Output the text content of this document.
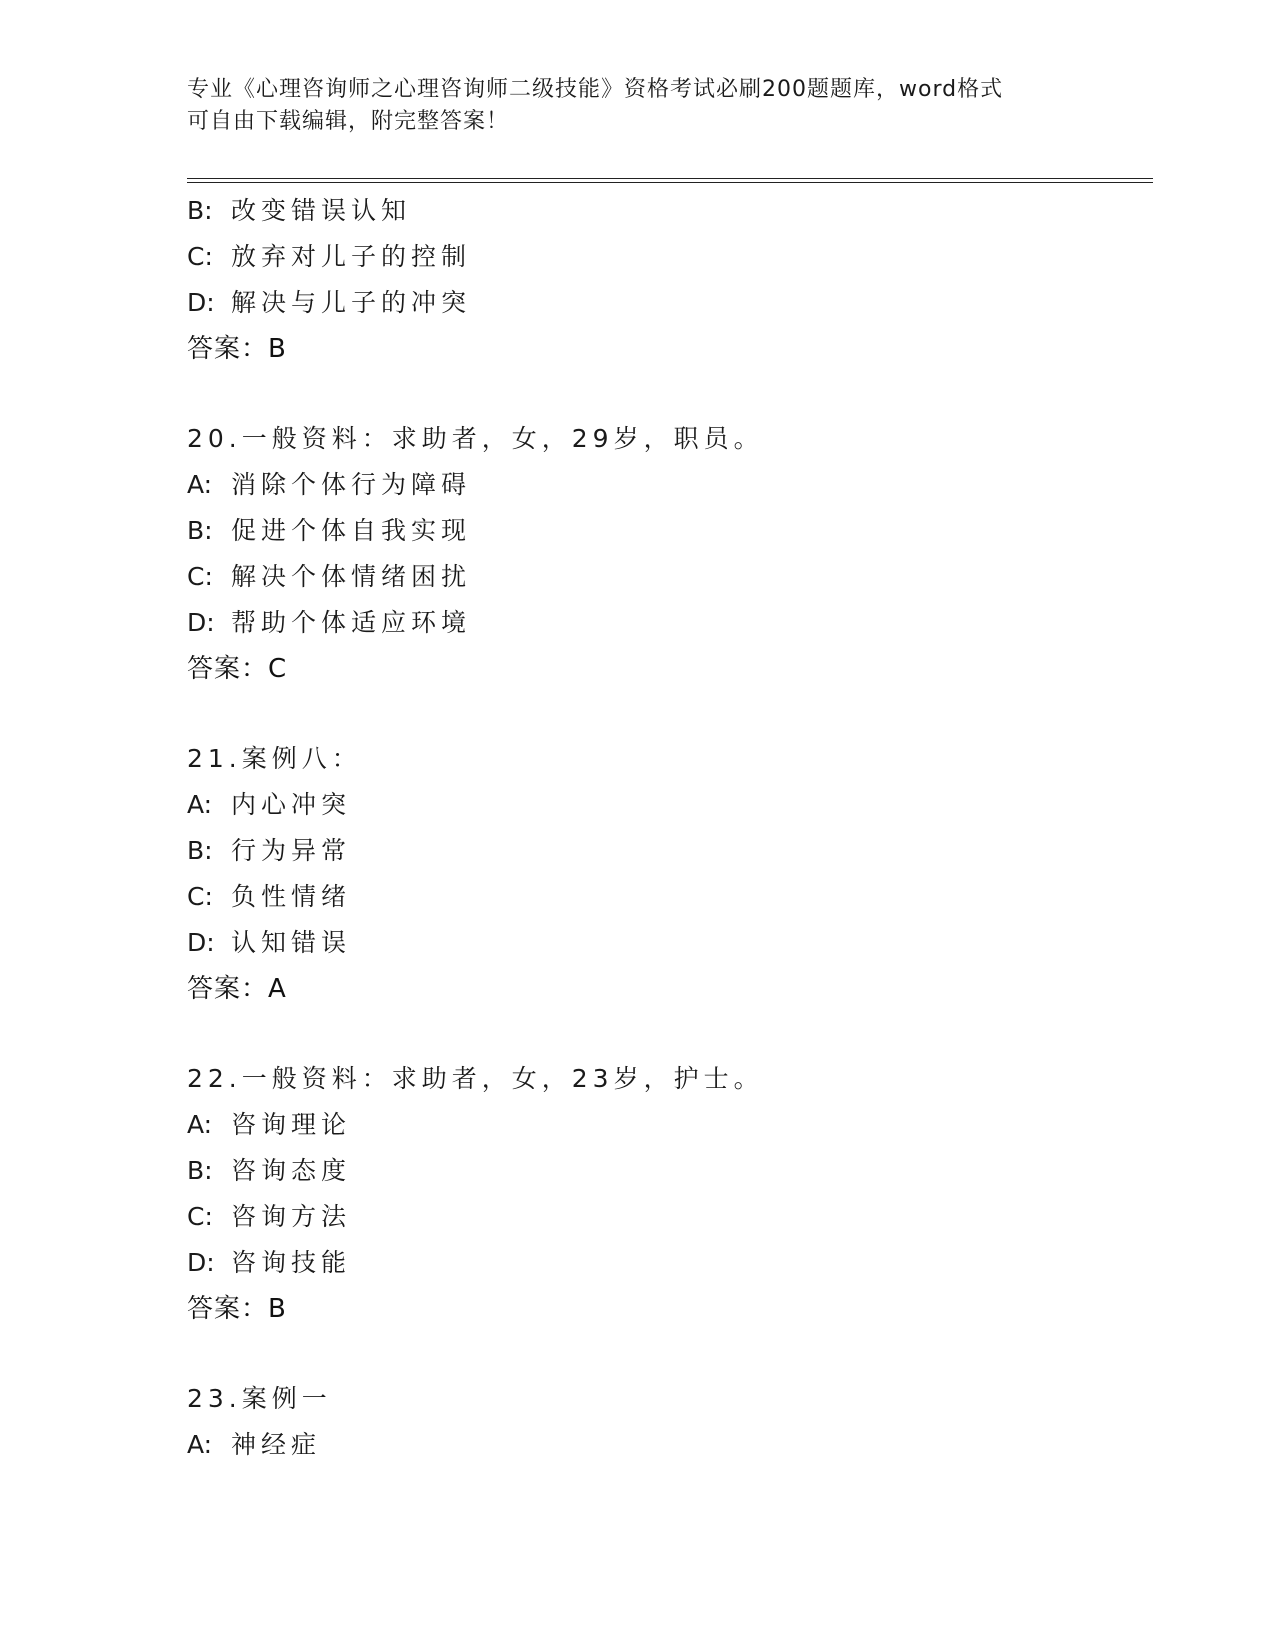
专业《心理咨询师之心理咨询师二级技能》资格考试必刷200题题库，word格式
可自由下载编辑，附完整答案！
B: 改变错误认知
C: 放弃对儿子的控制
D: 解决与儿子的冲突
答案：B
20.一般资料：求助者，女，29岁，职员。
A: 消除个体行为障碍
B: 促进个体自我实现
C: 解决个体情绪困扰
D: 帮助个体适应环境
答案：C
21.案例八：
A: 内心冲突
B: 行为异常
C: 负性情绪
D: 认知错误
答案：A
22.一般资料：求助者，女，23岁，护士。
A: 咨询理论
B: 咨询态度
C: 咨询方法
D: 咨询技能
答案：B
23.案例一
A: 神经症
